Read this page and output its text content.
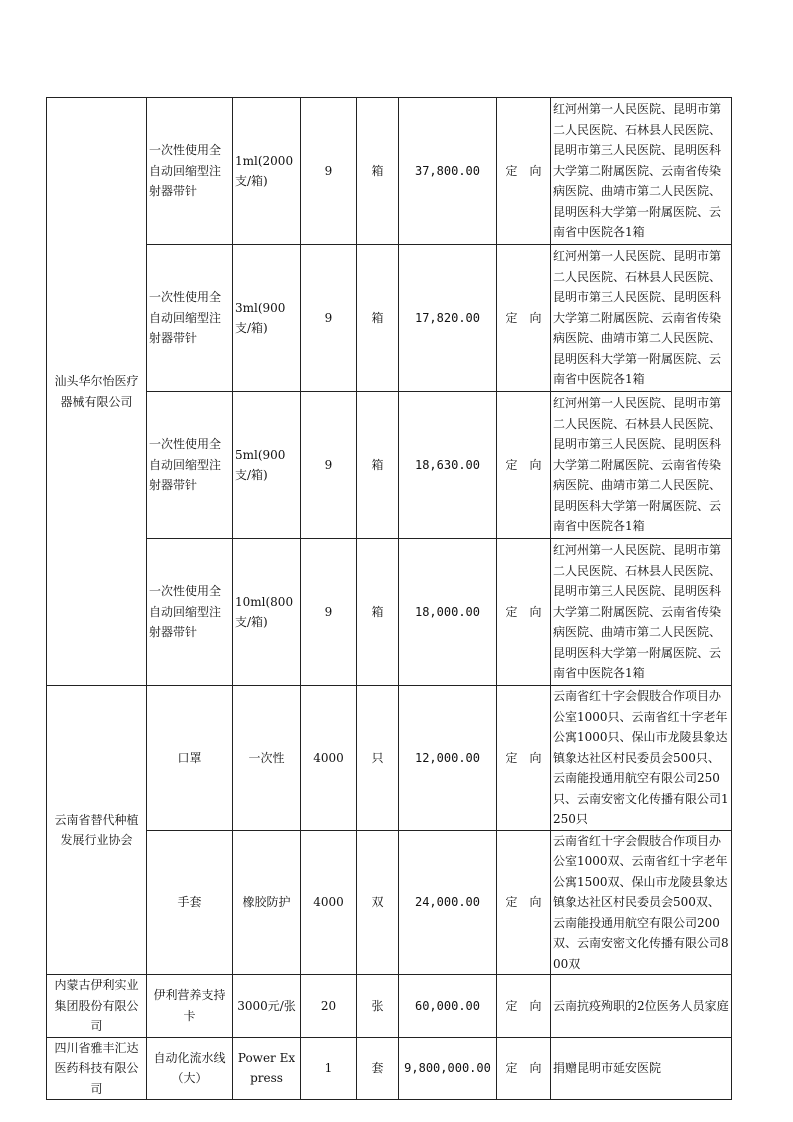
汕头华尔怡医疗器械有限公司	一次性使用全自动回缩型注射器带针	1ml(2000 支/箱)	9	箱	37,800.00	定　向	红河州第一人民医院、昆明市第二人民医院、石林县人民医院、昆明市第三人民医院、昆明医科大学第二附属医院、云南省传染病医院、曲靖市第二人民医院、昆明医科大学第一附属医院、云南省中医院各1箱
	一次性使用全自动回缩型注射器带针	3ml(900 支/箱)	9	箱	17,820.00	定　向	红河州第一人民医院、昆明市第二人民医院、石林县人民医院、昆明市第三人民医院、昆明医科大学第二附属医院、云南省传染病医院、曲靖市第二人民医院、昆明医科大学第一附属医院、云南省中医院各1箱
	一次性使用全自动回缩型注射器带针	5ml(900 支/箱)	9	箱	18,630.00	定　向	红河州第一人民医院、昆明市第二人民医院、石林县人民医院、昆明市第三人民医院、昆明医科大学第二附属医院、云南省传染病医院、曲靖市第二人民医院、昆明医科大学第一附属医院、云南省中医院各1箱
	一次性使用全自动回缩型注射器带针	10ml(800 支/箱)	9	箱	18,000.00	定　向	红河州第一人民医院、昆明市第二人民医院、石林县人民医院、昆明市第三人民医院、昆明医科大学第二附属医院、云南省传染病医院、曲靖市第二人民医院、昆明医科大学第一附属医院、云南省中医院各1箱
云南省替代种植发展行业协会	口罩	一次性	4000	只	12,000.00	定　向	云南省红十字会假肢合作项目办公室1000只、云南省红十字老年公寓1000只、保山市龙陵县象达镇象达社区村民委员会500只、云南能投通用航空有限公司250只、云南安密文化传播有限公司1250只
	手套	橡胶防护	4000	双	24,000.00	定　向	云南省红十字会假肢合作项目办公室1000双、云南省红十字老年公寓1500双、保山市龙陵县象达镇象达社区村民委员会500双、云南能投通用航空有限公司200双、云南安密文化传播有限公司800双
内蒙古伊利实业集团股份有限公司	伊利营养支持卡	3000元/张	20	张	60,000.00	定　向	云南抗疫殉职的2位医务人员家庭
四川省雅丰汇达医药科技有限公司	自动化流水线（大）	Power Express	1	套	9,800,000.00	定　向	捐赠昆明市延安医院
